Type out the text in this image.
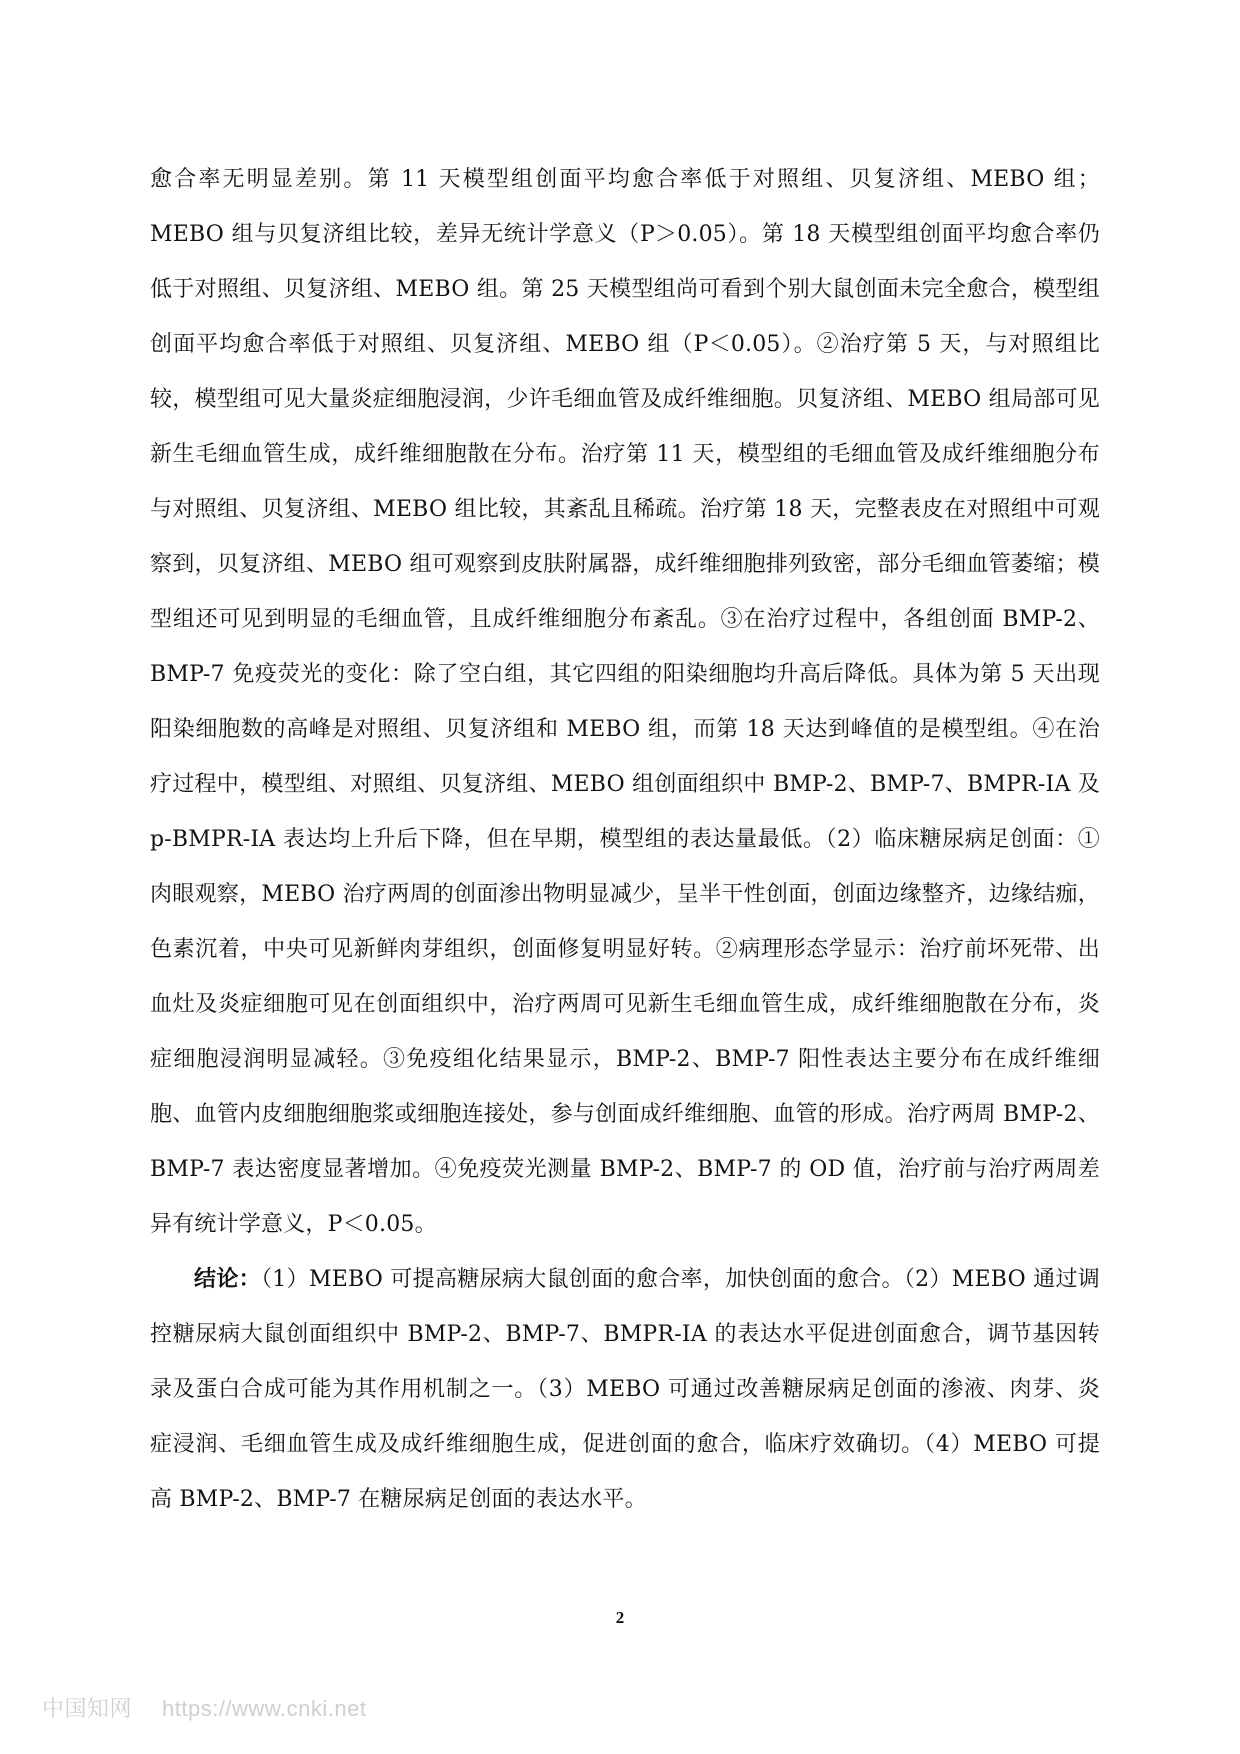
愈合率无明显差别。第 11 天模型组创面平均愈合率低于对照组、贝复济组、MEBO 组；MEBO 组与贝复济组比较，差异无统计学意义（P＞0.05）。第 18 天模型组创面平均愈合率仍低于对照组、贝复济组、MEBO 组。第 25 天模型组尚可看到个别大鼠创面未完全愈合，模型组创面平均愈合率低于对照组、贝复济组、MEBO 组（P＜0.05）。②治疗第 5 天，与对照组比较，模型组可见大量炎症细胞浸润，少许毛细血管及成纤维细胞。贝复济组、MEBO 组局部可见新生毛细血管生成，成纤维细胞散在分布。治疗第 11 天，模型组的毛细血管及成纤维细胞分布与对照组、贝复济组、MEBO 组比较，其紊乱且稀疏。治疗第 18 天，完整表皮在对照组中可观察到，贝复济组、MEBO 组可观察到皮肤附属器，成纤维细胞排列致密，部分毛细血管萎缩；模型组还可见到明显的毛细血管，且成纤维细胞分布紊乱。③在治疗过程中，各组创面 BMP-2、BMP-7 免疫荧光的变化：除了空白组，其它四组的阳染细胞均升高后降低。具体为第 5 天出现阳染细胞数的高峰是对照组、贝复济组和 MEBO 组，而第 18 天达到峰值的是模型组。④在治疗过程中，模型组、对照组、贝复济组、MEBO 组创面组织中 BMP-2、BMP-7、BMPR-IA 及 p-BMPR-IA 表达均上升后下降，但在早期，模型组的表达量最低。（2）临床糖尿病足创面：①肉眼观察，MEBO 治疗两周的创面渗出物明显减少，呈半干性创面，创面边缘整齐，边缘结痂，色素沉着，中央可见新鲜肉芽组织，创面修复明显好转。②病理形态学显示：治疗前坏死带、出血灶及炎症细胞可见在创面组织中，治疗两周可见新生毛细血管生成，成纤维细胞散在分布，炎症细胞浸润明显减轻。③免疫组化结果显示，BMP-2、BMP-7 阳性表达主要分布在成纤维细胞、血管内皮细胞细胞浆或细胞连接处，参与创面成纤维细胞、血管的形成。治疗两周 BMP-2、BMP-7 表达密度显著增加。④免疫荧光测量 BMP-2、BMP-7 的 OD 值，治疗前与治疗两周差异有统计学意义，P＜0.05。

结论：（1）MEBO 可提高糖尿病大鼠创面的愈合率，加快创面的愈合。（2）MEBO 通过调控糖尿病大鼠创面组织中 BMP-2、BMP-7、BMPR-IA 的表达水平促进创面愈合，调节基因转录及蛋白合成可能为其作用机制之一。（3）MEBO 可通过改善糖尿病足创面的渗液、肉芽、炎症浸润、毛细血管生成及成纤维细胞生成，促进创面的愈合，临床疗效确切。（4）MEBO 可提高 BMP-2、BMP-7 在糖尿病足创面的表达水平。

2
中国知网 https://www.cnki.net
